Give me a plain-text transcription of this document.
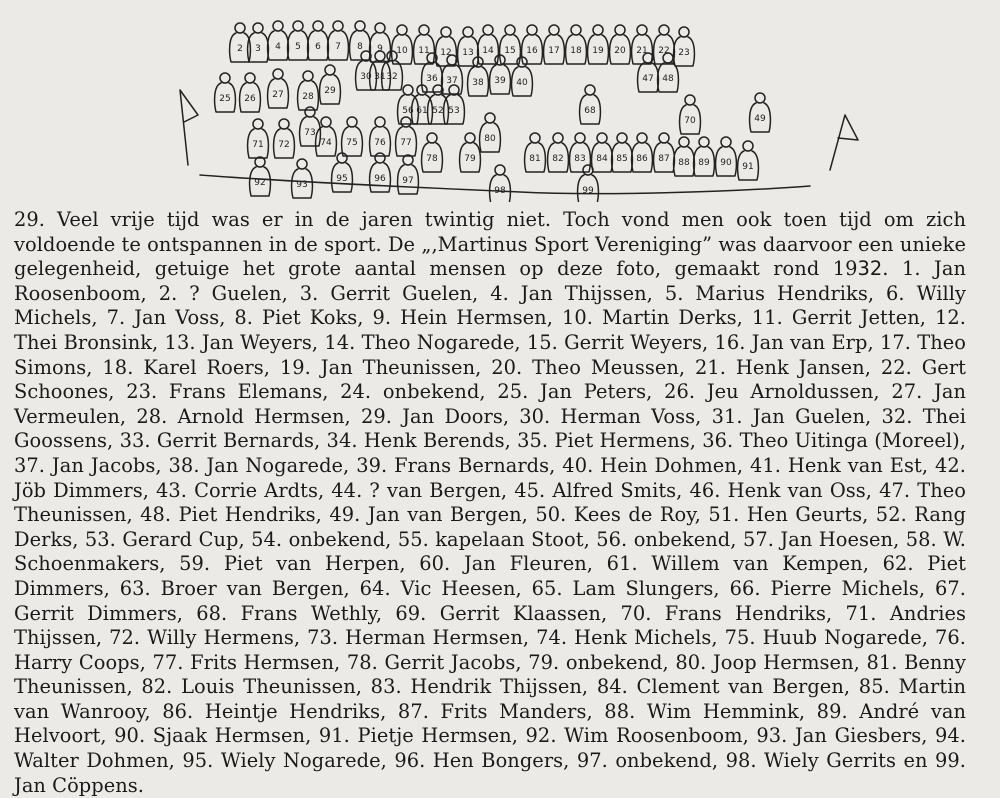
2 3 4 5 6 7 8 9 10 11 12 13 14 15 16 17 18 19 20 21 22 23
25 26 27 28
29
30 31 32	36 37 38 39 40	47 48
49
56 61 52 53	68
70
71 72
73
74 75 76 77
78	79
80
81 82 83 84 85 86 87 88 89 90 91
92	93
95	96 97
98	99
29. Veel vrije tijd was er in de jaren twintig niet. Toch vond men ook toen tijd om zich voldoende te ontspannen in de sport. De „,Martinus Sport Vereniging” was daarvoor een unieke gelegenheid, getuige het grote aantal mensen op deze foto, gemaakt rond 1932. 1. Jan Roosenboom, 2. ? Guelen, 3. Gerrit Guelen, 4. Jan Thijssen, 5. Marius Hendriks, 6. Willy Michels, 7. Jan Voss, 8. Piet Koks, 9. Hein Hermsen, 10. Martin Derks, 11. Gerrit Jetten, 12. Thei Bronsink, 13. Jan Weyers, 14. Theo Nogarede, 15. Gerrit Weyers, 16. Jan van Erp, 17. Theo Simons, 18. Karel Roers, 19. Jan Theunissen, 20. Theo Meussen, 21. Henk Jansen, 22. Gert Schoones, 23. Frans Elemans, 24. onbekend, 25. Jan Peters, 26. Jeu Arnoldussen, 27. Jan Vermeulen, 28. Arnold Hermsen, 29. Jan Doors, 30. Herman Voss, 31. Jan Guelen, 32. Thei Goossens, 33. Gerrit Bernards, 34. Henk Berends, 35. Piet Hermens, 36. Theo Uitinga (Moreel), 37. Jan Jacobs, 38. Jan Nogarede, 39. Frans Bernards, 40. Hein Dohmen, 41. Henk van Est, 42. Jöb Dimmers, 43. Corrie Ardts, 44. ? van Bergen, 45. Alfred Smits, 46. Henk van Oss, 47. Theo Theunissen, 48. Piet Hendriks, 49. Jan van Bergen, 50. Kees de Roy, 51. Hen Geurts, 52. Rang Derks, 53. Gerard Cup, 54. onbekend, 55. kapelaan Stoot, 56. onbekend, 57. Jan Hoesen, 58. W. Schoenmakers, 59. Piet van Herpen, 60. Jan Fleuren, 61. Willem van Kempen, 62. Piet Dimmers, 63. Broer van Bergen, 64. Vic Heesen, 65. Lam Slungers, 66. Pierre Michels, 67. Gerrit Dimmers, 68. Frans Wethly, 69. Gerrit Klaassen, 70. Frans Hendriks, 71. Andries Thijssen, 72. Willy Hermens, 73. Herman Hermsen, 74. Henk Michels, 75. Huub Nogarede, 76. Harry Coops, 77. Frits Hermsen, 78. Gerrit Jacobs, 79. onbekend, 80. Joop Hermsen, 81. Benny Theunissen, 82. Louis Theunissen, 83. Hendrik Thijssen, 84. Clement van Bergen, 85. Martin van Wanrooy, 86. Heintje Hendriks, 87. Frits Manders, 88. Wim Hemmink, 89. André van Helvoort, 90. Sjaak Hermsen, 91. Pietje Hermsen, 92. Wim Roosenboom, 93. Jan Giesbers, 94. Walter Dohmen, 95. Wiely Nogarede, 96. Hen Bongers, 97. onbekend, 98. Wiely Gerrits en 99. Jan Cöppens.
